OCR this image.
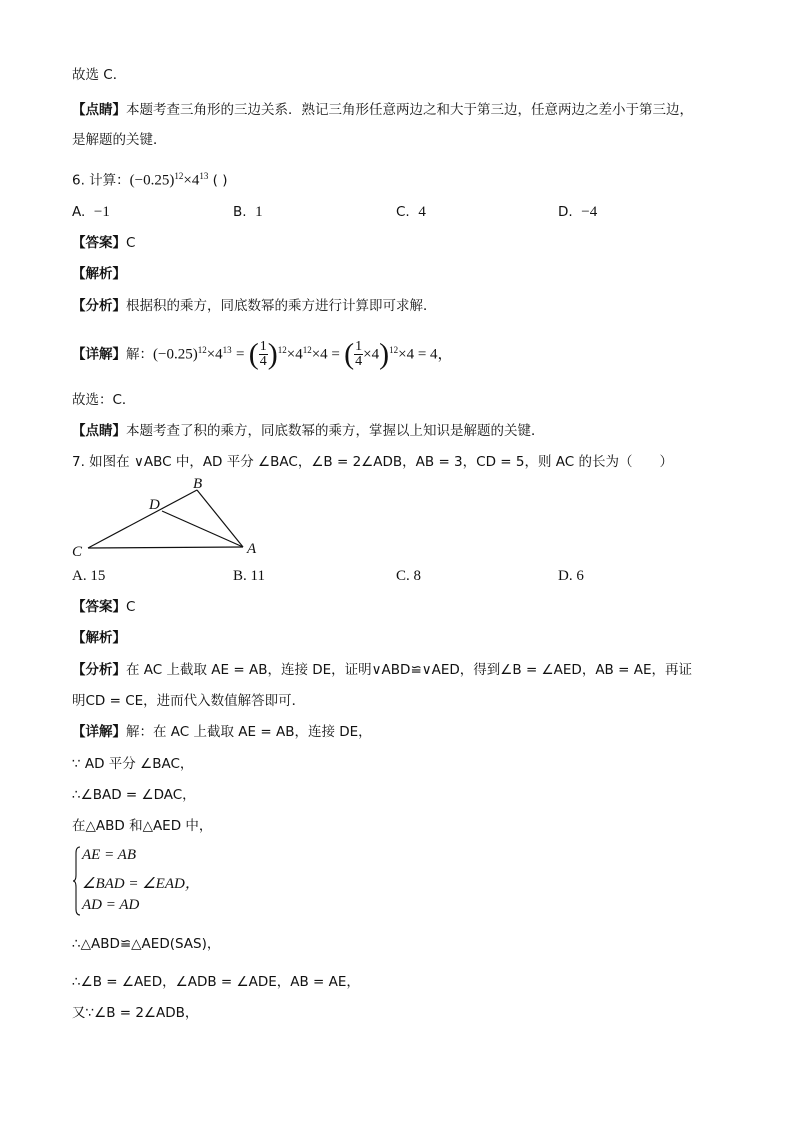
故选 C．
【点睛】本题考查三角形的三边关系．熟记三角形任意两边之和大于第三边，任意两边之差小于第三边，
是解题的关键．
6. 计算：$(-0.25)^{12}\times 4^{13}$ ( )
A. −1	B. 1	C. 4	D. −4
【答案】C
【解析】
【分析】根据积的乘方，同底数幂的乘方进行计算即可求解．
【详解】解：$(-0.25)^{12}\times 4^{13}$ = ( $\frac{1}{4} )^{12}\times 4^{12}\times 4$ = ( $\frac{1}{4} \times 4)^{12}\times 4 = 4$，
故选：C．
【点睛】本题考查了积的乘方，同底数幂的乘方，掌握以上知识是解题的关键．
7. 如图在 ∨ABC 中，AD 平分 ∠BAC，∠B = 2∠ADB，AB = 3，CD = 5，则 AC 的长为（　　）
B
D
C	A
A. 15	B. 11	C. 8	D. 6
【答案】C
【解析】
【分析】在 AC 上截取 AE = AB，连接 DE，证明∨ABD≌∨AED，得到∠B = ∠AED，AB = AE，再证
明CD = CE，进而代入数值解答即可．
【详解】解：在 AC 上截取 AE = AB，连接 DE，
∵ AD 平分 ∠BAC，
∴∠BAD = ∠DAC，
在△ABD 和△AED 中，
AE = AB
∠BAD = ∠EAD，
AD = AD
∴△ABD≌△AED(SAS)，
∴∠B = ∠AED，∠ADB = ∠ADE，AB = AE，
又∵∠B = 2∠ADB，
